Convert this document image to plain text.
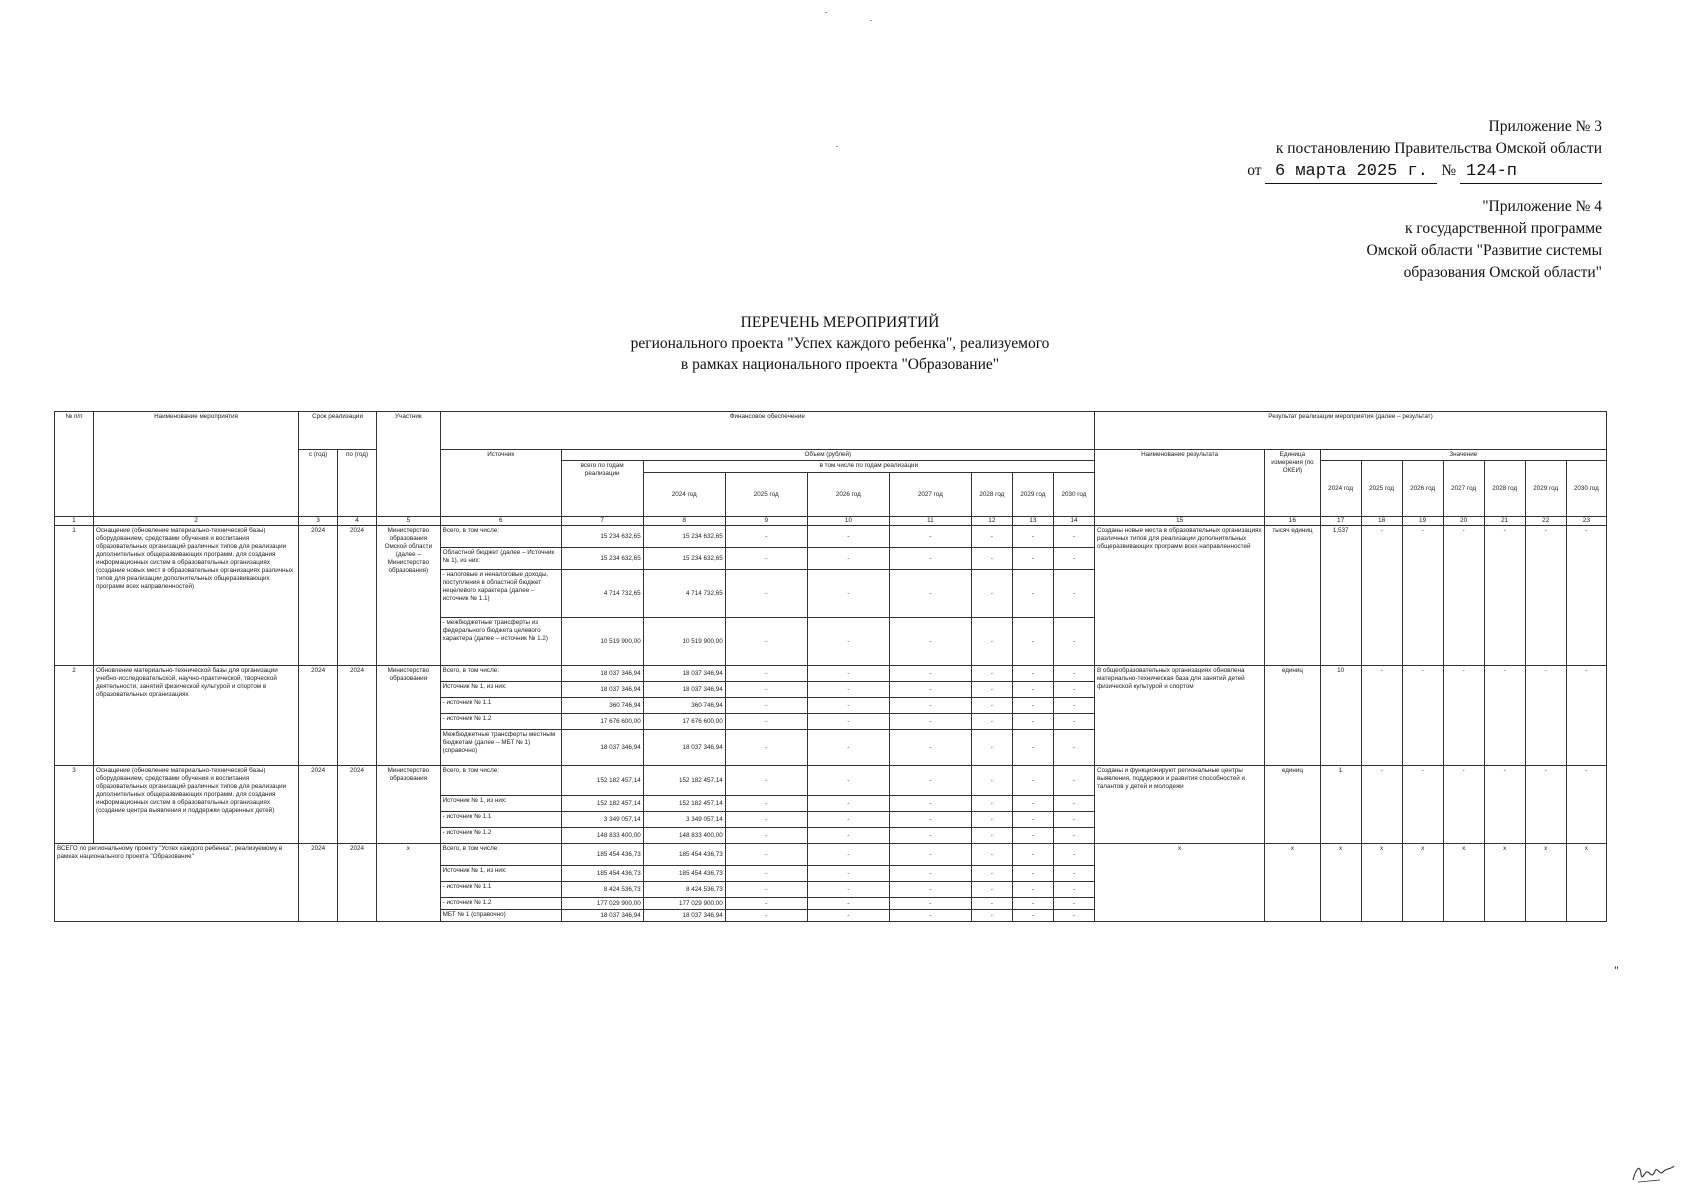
Приложение № 3
к постановлению Правительства Омской области
от 6 марта 2025 г. № 124-п
"Приложение № 4
к государственной программе
Омской области "Развитие системы
образования Омской области"
ПЕРЕЧЕНЬ МЕРОПРИЯТИЙ
регионального проекта "Успех каждого ребенка", реализуемого
в рамках национального проекта "Образование"
№ п/п	Наименование мероприятия	Срок реализации		Участник	Финансовое обеспечение									Результат реализации мероприятия (далее – результат)								
		с (год)	по (год)		Источник	Объем (рублей)								Наименование результата	Единица измерения (по ОКЕИ)	Значение						
						всего по годам реализации	в том числе по годам реализации									2024 год	2025 год	2026 год	2027 год	2028 год	2029 год	2030 год
							2024 год	2025 год	2026 год	2027 год	2028 год	2029 год	2030 год									
1	2	3	4	5	6	7	8	9	10	11	12	13	14	15	16	17	18	19	20	21	22	23
1	Оснащение (обновление материально-технической базы) оборудованием, средствами обучения и воспитания образовательных организаций различных типов для реализации дополнительных общеразвивающих программ, для создания информационных систем в образовательных организациях (создание новых мест в образовательных организациях различных типов для реализации дополнительных общеразвивающих программ всех направленностей)	2024	2024	Министерство образования Омской области (далее – Министерство образования)	Всего, в том числе:	15 234 632,65	15 234 632,65	-	-	-	-	-	-	Созданы новые места в образовательных организациях различных типов для реализации дополнительных общеразвивающих программ всех направленностей	тысяч единиц	1,537	-	-	-	-	-	-
					Областной бюджет (далее – Источник № 1), из них:	15 234 632,65	15 234 632,65	-	-	-	-	-	-									
					- налоговые и неналоговые доходы, поступления в областной бюджет нецелевого характера (далее – источник № 1.1)	4 714 732,65	4 714 732,65	-	-	-	-	-	-									
					- межбюджетные трансферты из федерального бюджета целевого характера (далее – источник № 1.2)	10 519 900,00	10 519 900,00	-	-	-	-	-	-									
2	Обновление материально-технической базы для организации учебно-исследовательской, научно-практической, творческой деятельности, занятий физической культурой и спортом в образовательных организациях	2024	2024	Министерство образования	Всего, в том числе:	18 037 346,94	18 037 346,94	-	-	-	-	-	-	В общеобразовательных организациях обновлена материально-техническая база для занятий детей физической культурой и спортом	единиц	10	-	-	-	-	-	-
					Источник № 1, из них:	18 037 346,94	18 037 346,94	-	-	-	-	-	-									
					- источник № 1.1	360 746,94	360 746,94	-	-	-	-	-	-									
					- источник № 1.2	17 676 600,00	17 676 600,00	-	-	-	-	-	-									
					Межбюджетные трансферты местным бюджетам (далее – МБТ № 1) (справочно)	18 037 346,94	18 037 346,94	-	-	-	-	-	-									
3	Оснащение (обновление материально-технической базы) оборудованием, средствами обучения и воспитания образовательных организаций различных типов для реализации дополнительных общеразвивающих программ, для создания информационных систем в образовательных организациях (создание центра выявления и поддержки одаренных детей)	2024	2024	Министерство образования	Всего, в том числе:	152 182 457,14	152 182 457,14	-	-	-	-	-	-	Созданы и функционируют региональные центры выявления, поддержки и развития способностей и талантов у детей и молодежи	единиц	1	-	-	-	-	-	-
					Источник № 1, из них:	152 182 457,14	152 182 457,14	-	-	-	-	-	-									
					- источник № 1.1	3 349 057,14	3 349 057,14	-	-	-	-	-	-									
					- источник № 1.2	148 833 400,00	148 833 400,00	-	-	-	-	-	-									
ВСЕГО по региональному проекту "Успех каждого ребенка", реализуемому в рамках национального проекта "Образование"		2024	2024	x	Всего, в том числе:	185 454 436,73	185 454 436,73	-	-	-	-	-	-	x	x	x	x	x	x	x	x	x
					Источник № 1, из них:	185 454 436,73	185 454 436,73	-	-	-	-	-	-									
					- источник № 1.1	8 424 536,73	8 424 536,73	-	-	-	-	-	-									
					- источник № 1.2	177 029 900,00	177 029 900,00	-	-	-	-	-	-									
					МБТ № 1 (справочно)	18 037 346,94	18 037 346,94	-	-	-	-	-	-									
"
